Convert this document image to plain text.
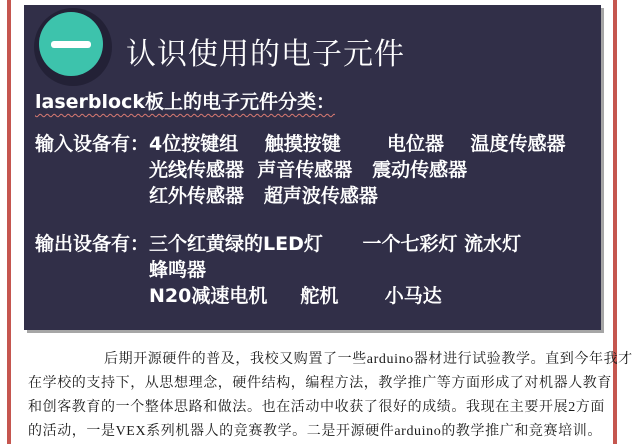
认识使用的电子元件
laserblock板上的电子元件分类：
输入设备有： 4位按键组    触摸按键       电位器    温度传感器
光线传感器  声音传感器   震动传感器
红外传感器   超声波传感器
输出设备有： 三个红黄绿的LED灯      一个七彩灯 流水灯
蜂鸣器
N20减速电机     舵机       小马达
后期开源硬件的普及，我校又购置了一些arduino器材进行试验教学。直到今年我才
在学校的支持下，从思想理念，硬件结构，编程方法，教学推广等方面形成了对机器人教育
和创客教育的一个整体思路和做法。也在活动中收获了很好的成绩。我现在主要开展2方面
的活动，一是VEX系列机器人的竞赛教学。二是开源硬件arduino的教学推广和竞赛培训。
